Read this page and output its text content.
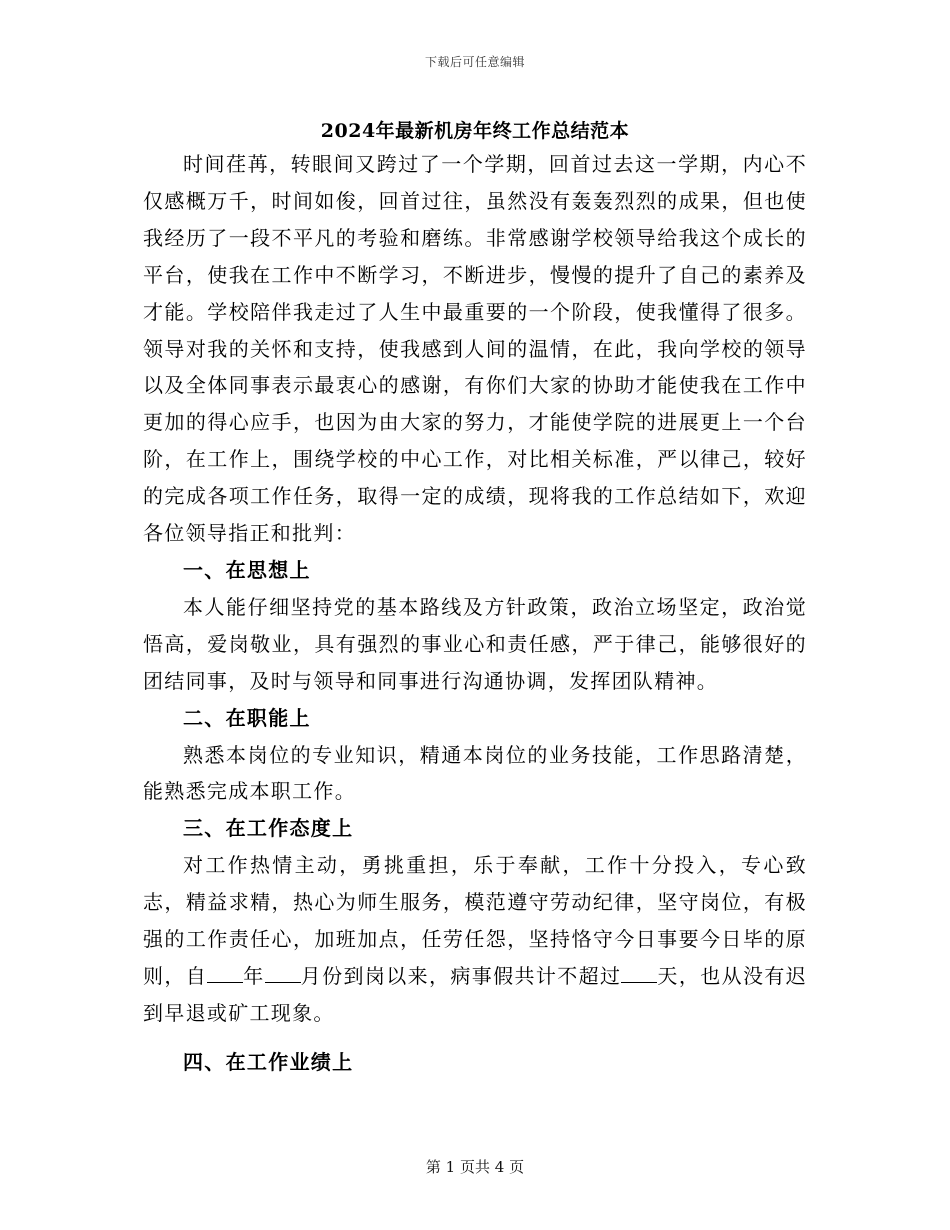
下载后可任意编辑
2024年最新机房年终工作总结范本

时间荏苒，转眼间又跨过了一个学期，回首过去这一学期，内心不仅感概万千，时间如俊，回首过往，虽然没有轰轰烈烈的成果，但也使我经历了一段不平凡的考验和磨练。非常感谢学校领导给我这个成长的平台，使我在工作中不断学习，不断进步，慢慢的提升了自己的素养及才能。学校陪伴我走过了人生中最重要的一个阶段，使我懂得了很多。领导对我的关怀和支持，使我感到人间的温情，在此，我向学校的领导以及全体同事表示最衷心的感谢，有你们大家的协助才能使我在工作中更加的得心应手，也因为由大家的努力，才能使学院的进展更上一个台阶，在工作上，围绕学校的中心工作，对比相关标准，严以律己，较好的完成各项工作任务，取得一定的成绩，现将我的工作总结如下，欢迎各位领导指正和批判：

一、在思想上

本人能仔细坚持党的基本路线及方针政策，政治立场坚定，政治觉悟高，爱岗敬业，具有强烈的事业心和责任感，严于律己，能够很好的团结同事，及时与领导和同事进行沟通协调，发挥团队精神。

二、在职能上

熟悉本岗位的专业知识，精通本岗位的业务技能，工作思路清楚，能熟悉完成本职工作。

三、在工作态度上

对工作热情主动，勇挑重担，乐于奉献，工作十分投入，专心致志，精益求精，热心为师生服务，模范遵守劳动纪律，坚守岗位，有极强的工作责任心，加班加点，任劳任怨，坚持恪守今日事要今日毕的原则，自 年 月份到岗以来，病事假共计不超过 天，也从没有迟到早退或矿工现象。

四、在工作业绩上

第 1 页共 4 页
